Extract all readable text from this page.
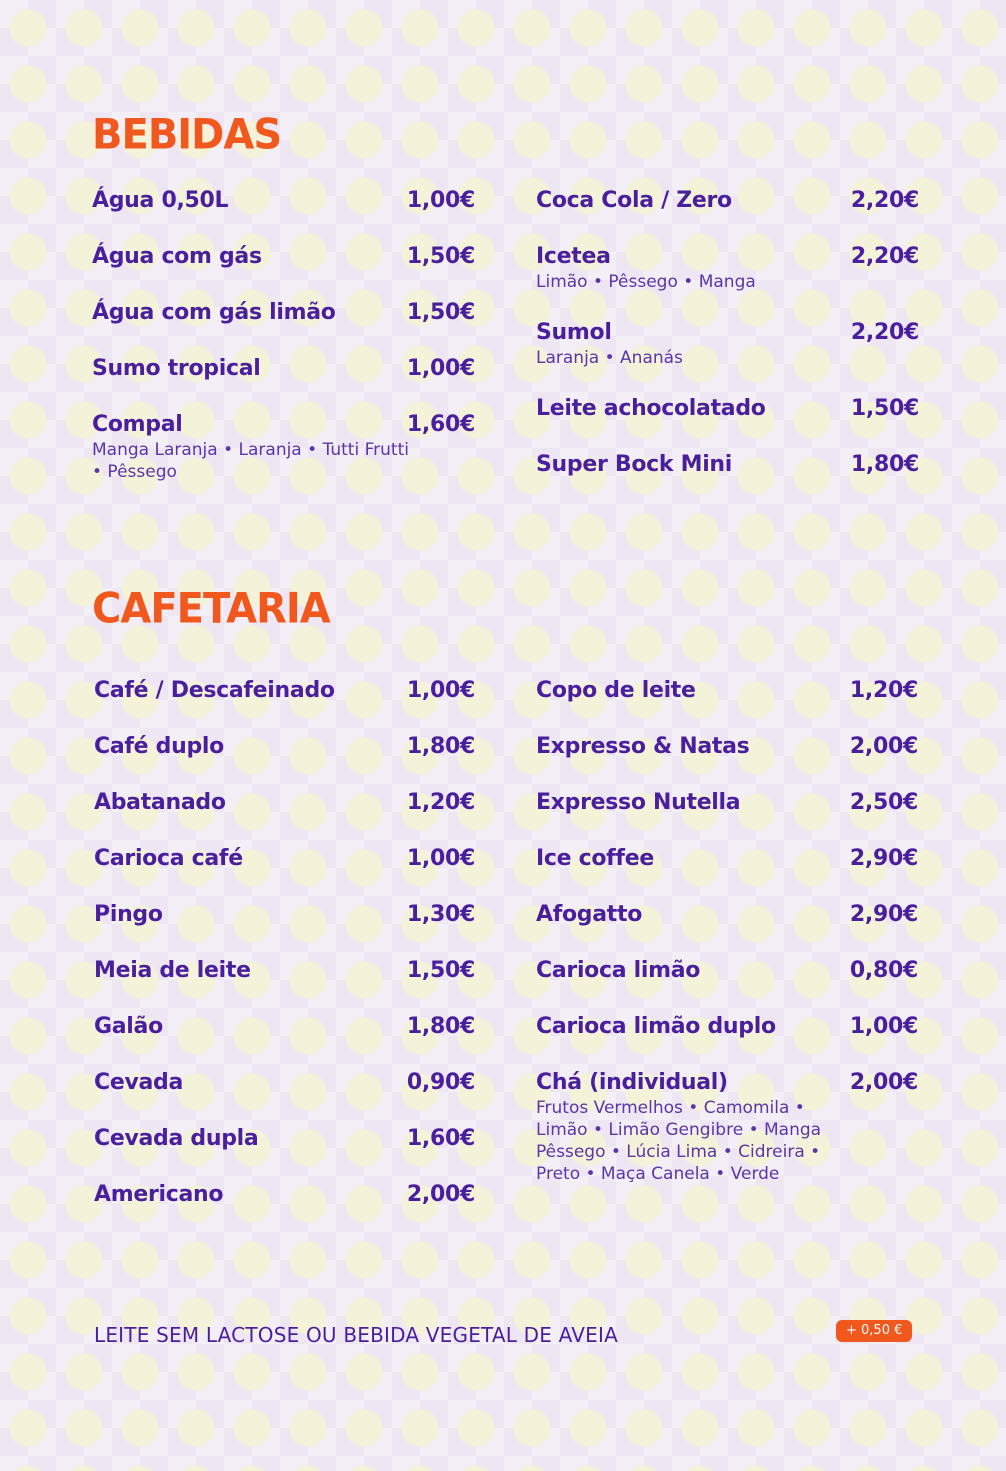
BEBIDAS
Água 0,50L	1,00€
Água com gás	1,50€
Água com gás limão	1,50€
Sumo tropical	1,00€
Compal	1,60€
Manga Laranja • Laranja • Tutti Frutti • Pêssego
Coca Cola / Zero	2,20€
Icetea	2,20€
Limão • Pêssego • Manga
Sumol	2,20€
Laranja • Ananás
Leite achocolatado	1,50€
Super Bock Mini	1,80€
CAFETARIA
Café / Descafeinado	1,00€
Café duplo	1,80€
Abatanado	1,20€
Carioca café	1,00€
Pingo	1,30€
Meia de leite	1,50€
Galão	1,80€
Cevada	0,90€
Cevada dupla	1,60€
Americano	2,00€
Copo de leite	1,20€
Expresso & Natas	2,00€
Expresso Nutella	2,50€
Ice coffee	2,90€
Afogatto	2,90€
Carioca limão	0,80€
Carioca limão duplo	1,00€
Chá (individual)	2,00€
Frutos Vermelhos • Camomila • Limão • Limão Gengibre • Manga Pêssego • Lúcia Lima • Cidreira • Preto • Maça Canela • Verde
LEITE SEM LACTOSE OU BEBIDA VEGETAL DE AVEIA	+ 0,50 €
